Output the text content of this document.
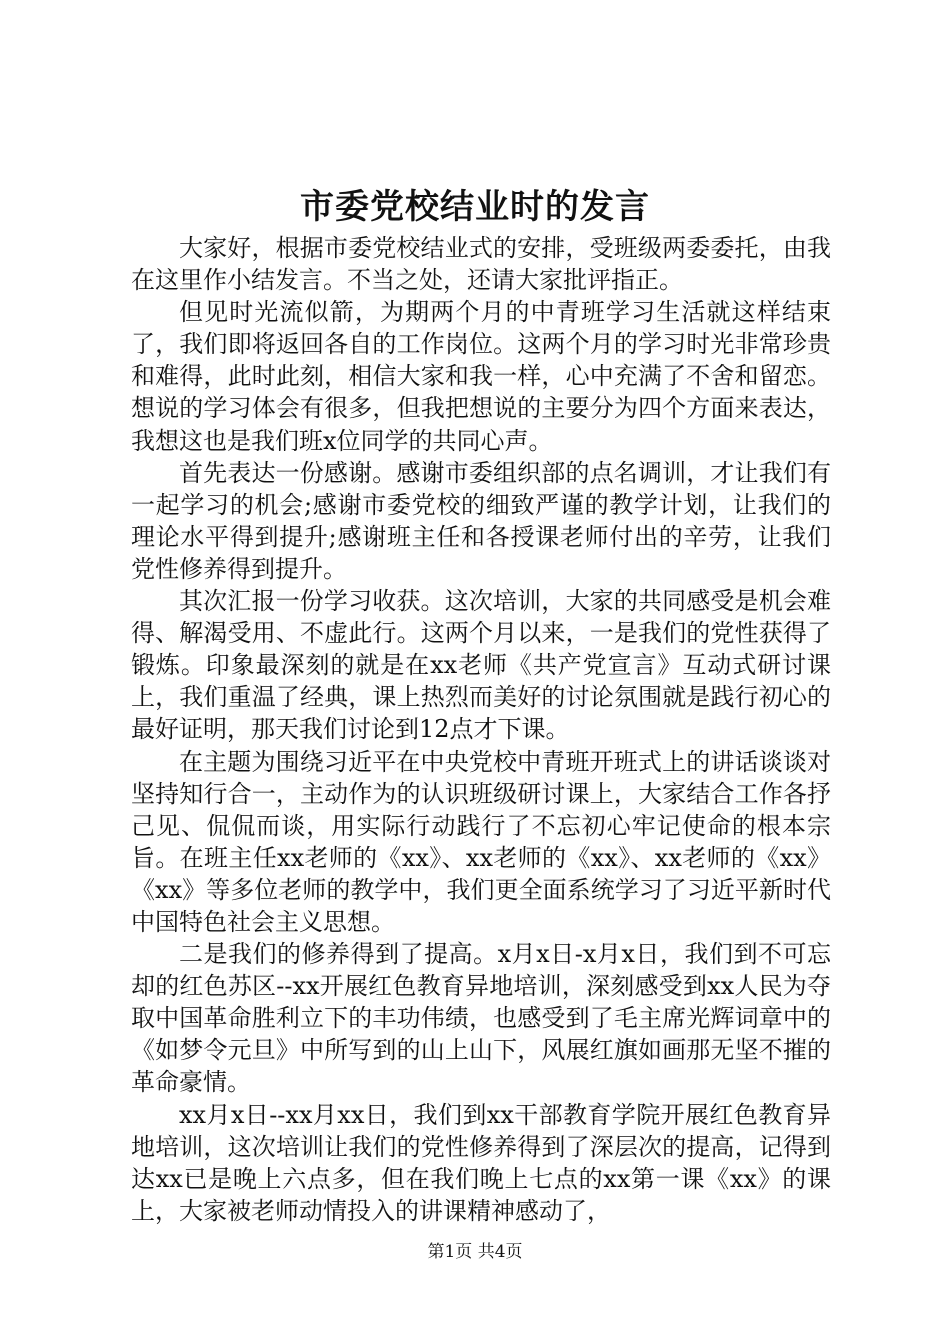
市委党校结业时的发言

大家好，根据市委党校结业式的安排，受班级两委委托，由我在这里作小结发言。不当之处，还请大家批评指正。

但见时光流似箭，为期两个月的中青班学习生活就这样结束了，我们即将返回各自的工作岗位。这两个月的学习时光非常珍贵和难得，此时此刻，相信大家和我一样，心中充满了不舍和留恋。想说的学习体会有很多，但我把想说的主要分为四个方面来表达，我想这也是我们班x位同学的共同心声。

首先表达一份感谢。感谢市委组织部的点名调训，才让我们有一起学习的机会;感谢市委党校的细致严谨的教学计划，让我们的理论水平得到提升;感谢班主任和各授课老师付出的辛劳，让我们党性修养得到提升。

其次汇报一份学习收获。这次培训，大家的共同感受是机会难得、解渴受用、不虚此行。这两个月以来，一是我们的党性获得了锻炼。印象最深刻的就是在xx老师《共产党宣言》互动式研讨课上，我们重温了经典，课上热烈而美好的讨论氛围就是践行初心的最好证明，那天我们讨论到12点才下课。

在主题为围绕习近平在中央党校中青班开班式上的讲话谈谈对坚持知行合一，主动作为的认识班级研讨课上，大家结合工作各抒己见、侃侃而谈，用实际行动践行了不忘初心牢记使命的根本宗旨。在班主任xx老师的《xx》、xx老师的《xx》、xx老师的《xx》《xx》等多位老师的教学中，我们更全面系统学习了习近平新时代中国特色社会主义思想。

二是我们的修养得到了提高。x月x日-x月x日，我们到不可忘却的红色苏区--xx开展红色教育异地培训，深刻感受到xx人民为夺取中国革命胜利立下的丰功伟绩，也感受到了毛主席光辉词章中的《如梦令元旦》中所写到的山上山下，风展红旗如画那无坚不摧的革命豪情。

xx月x日--xx月xx日，我们到xx干部教育学院开展红色教育异地培训，这次培训让我们的党性修养得到了深层次的提高，记得到达xx已是晚上六点多，但在我们晚上七点的xx第一课《xx》的课上，大家被老师动情投入的讲课精神感动了，

第1页 共4页
